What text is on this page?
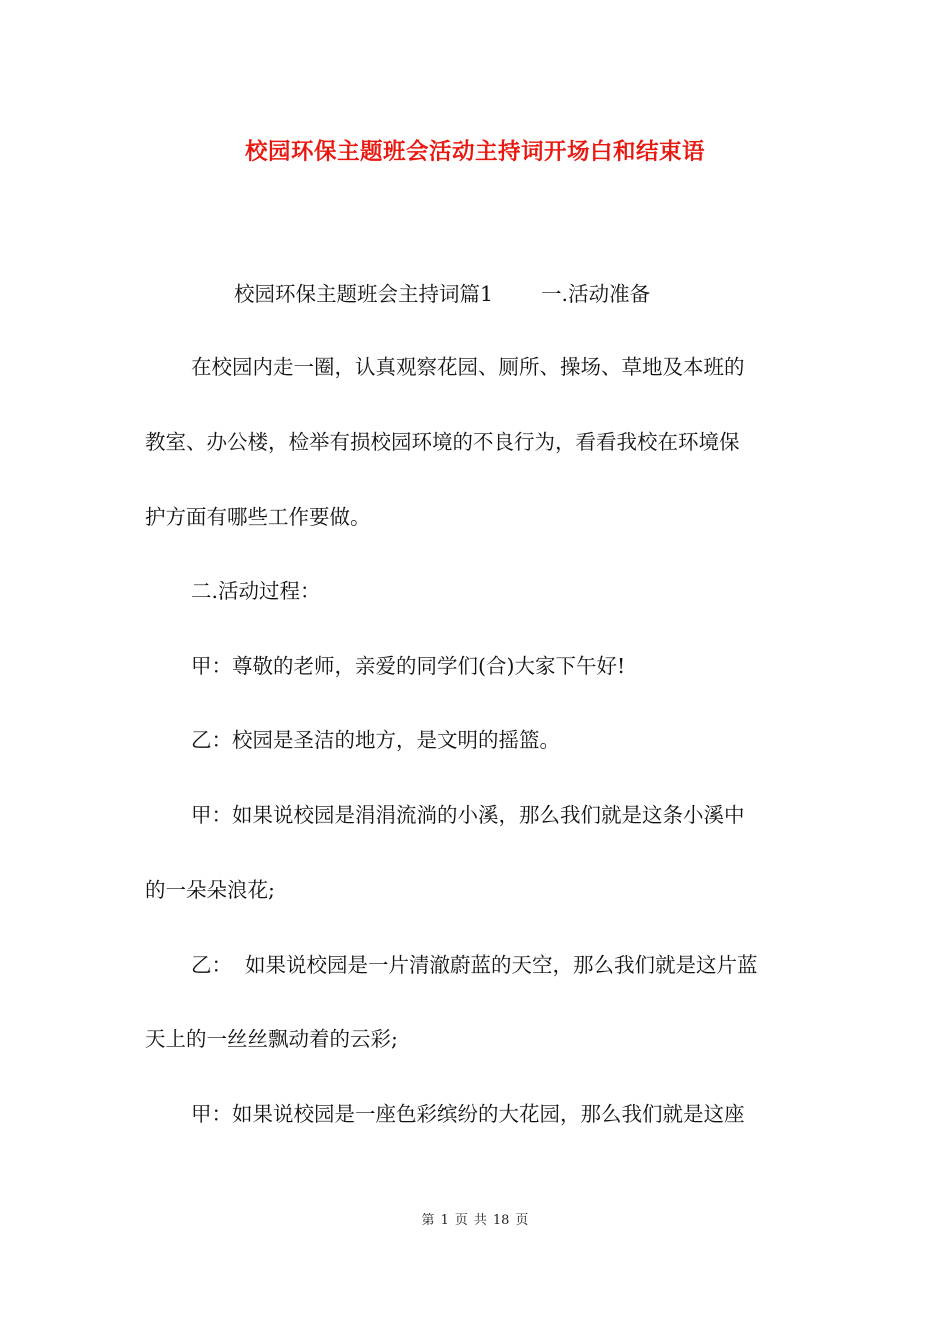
校园环保主题班会活动主持词开场白和结束语
校园环保主题班会主持词篇1 一.活动准备
在校园内走一圈，认真观察花园、厕所、操场、草地及本班的
教室、办公楼，检举有损校园环境的不良行为，看看我校在环境保
护方面有哪些工作要做。
二.活动过程：
甲：尊敬的老师，亲爱的同学们(合)大家下午好!
乙：校园是圣洁的地方，是文明的摇篮。
甲：如果说校园是涓涓流淌的小溪，那么我们就是这条小溪中
的一朵朵浪花;
乙：  如果说校园是一片清澈蔚蓝的天空，那么我们就是这片蓝
天上的一丝丝飘动着的云彩;
甲：如果说校园是一座色彩缤纷的大花园，那么我们就是这座
第 1 页 共 18 页
